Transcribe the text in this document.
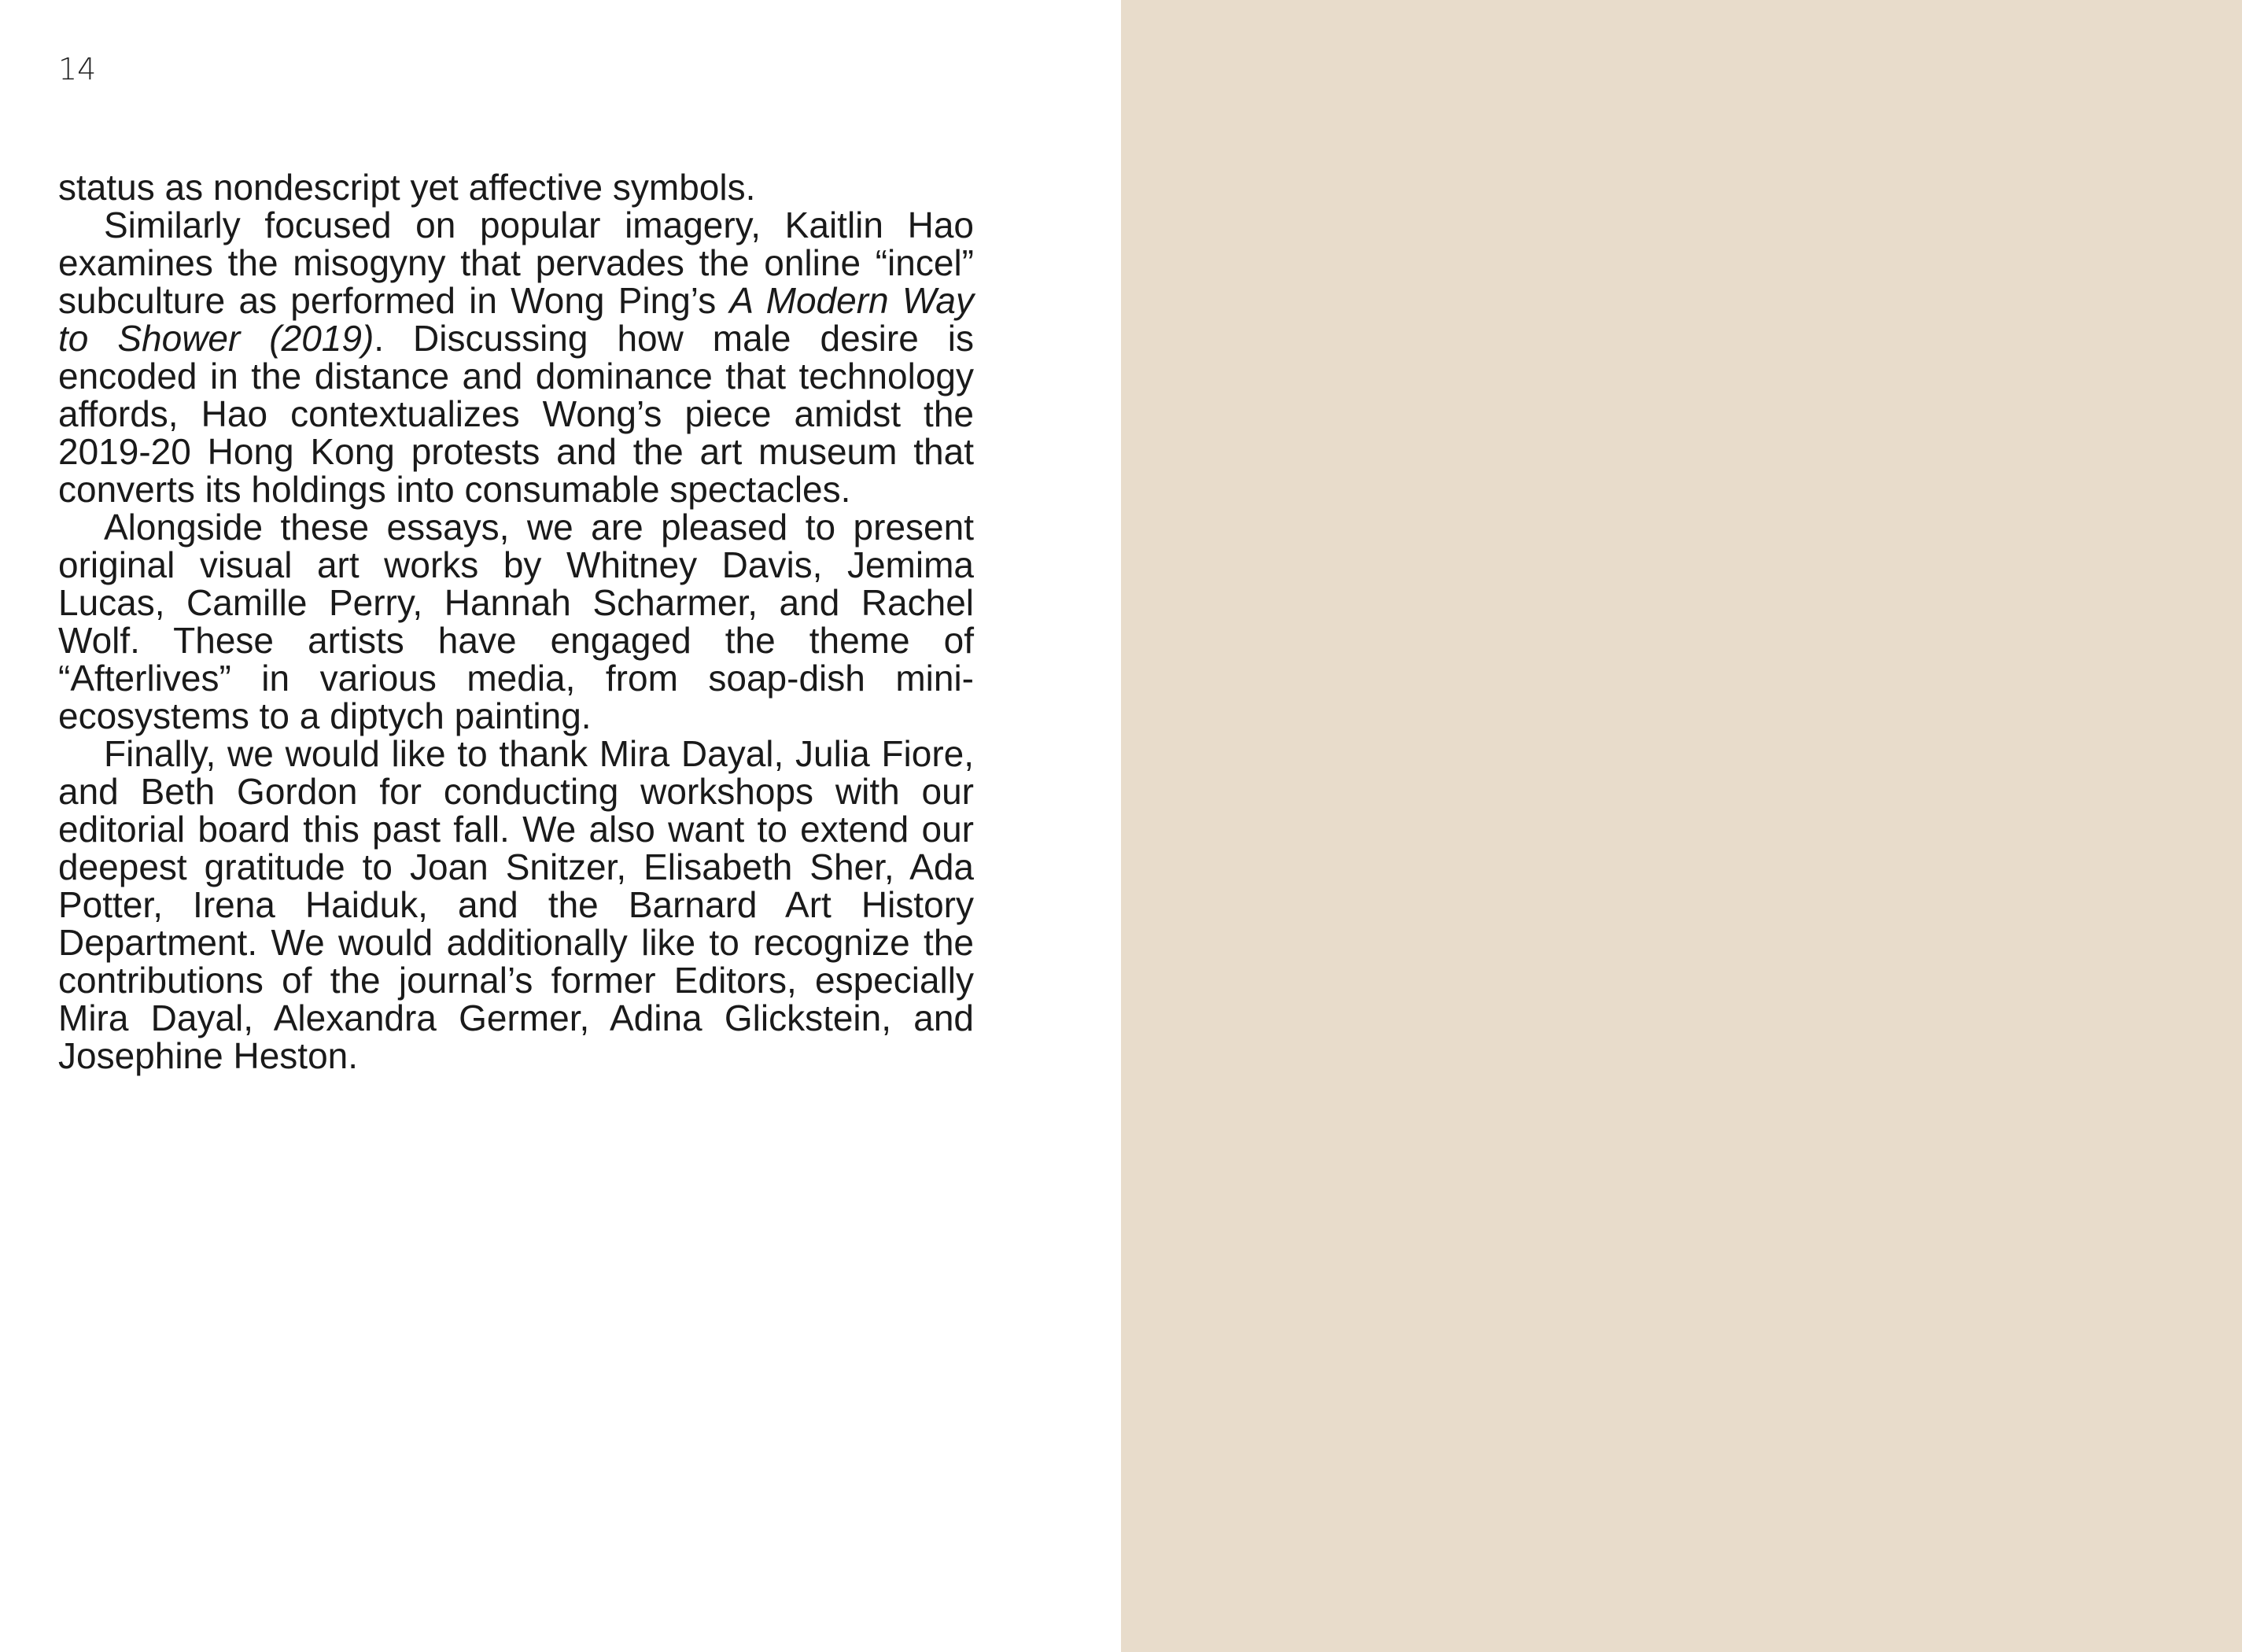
14

status as nondescript yet affective symbols.

Similarly focused on popular imagery, Kaitlin Hao examines the misogyny that pervades the online “incel” subculture as performed in Wong Ping’s A Modern Way to Shower (2019). Discussing how male desire is encoded in the distance and dominance that technology affords, Hao contextualizes Wong’s piece amidst the 2019-20 Hong Kong protests and the art museum that converts its holdings into consumable spectacles.

Alongside these essays, we are pleased to present original visual art works by Whitney Davis, Jemima Lucas, Camille Perry, Hannah Scharmer, and Rachel Wolf. These artists have engaged the theme of “Afterlives” in various media, from soap-dish mini-ecosystems to a diptych painting.

Finally, we would like to thank Mira Dayal, Julia Fiore, and Beth Gordon for conducting workshops with our editorial board this past fall. We also want to extend our deepest gratitude to Joan Snitzer, Elisabeth Sher, Ada Potter, Irena Haiduk, and the Barnard Art History Department. We would additionally like to recognize the contributions of the journal’s former Editors, especially Mira Dayal, Alexandra Germer, Adina Glickstein, and Josephine Heston.
